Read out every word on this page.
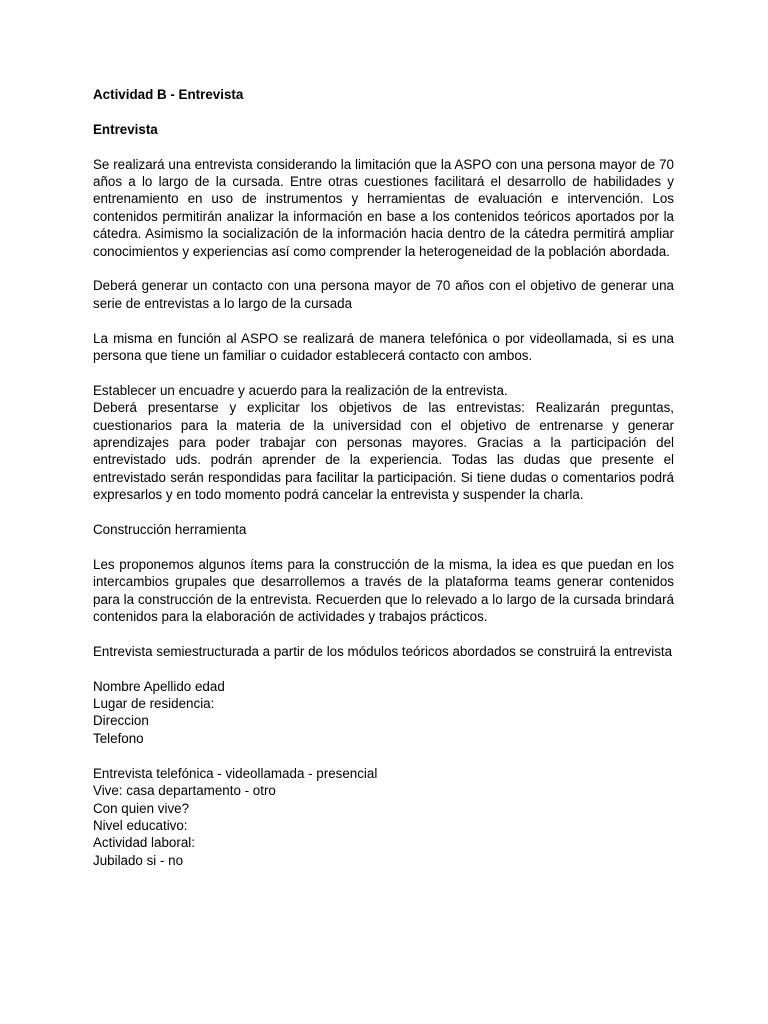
Actividad B - Entrevista

Entrevista

Se realizará una entrevista considerando la limitación que la ASPO con una persona mayor de 70 años a lo largo de la cursada. Entre otras cuestiones facilitará el desarrollo de habilidades y entrenamiento en uso de instrumentos y herramientas de evaluación e intervención. Los contenidos permitirán analizar la información en base a los contenidos teóricos aportados por la cátedra. Asimismo la socialización de la información hacia dentro de la cátedra permitirá ampliar conocimientos y experiencias así como comprender la heterogeneidad de la población abordada.

Deberá generar un contacto con una persona mayor de 70 años con el objetivo de generar una serie de entrevistas a lo largo de la cursada

La misma en función al ASPO se realizará de manera telefónica o por videollamada, si es una persona que tiene un familiar o cuidador establecerá contacto con ambos.

Establecer un encuadre y acuerdo para la realización de la entrevista.

Deberá presentarse y explicitar los objetivos de las entrevistas: Realizarán preguntas, cuestionarios para la materia de la universidad con el objetivo de entrenarse y generar aprendizajes para poder trabajar con personas mayores. Gracias a la participación del entrevistado uds. podrán aprender de la experiencia. Todas las dudas que presente el entrevistado serán respondidas para facilitar la participación. Si tiene dudas o comentarios podrá expresarlos y en todo momento podrá cancelar la entrevista y suspender la charla.

Construcción herramienta

Les proponemos algunos ítems para la construcción de la misma, la idea es que puedan en los intercambios grupales que desarrollemos a través de la plataforma teams generar contenidos para la construcción de la entrevista. Recuerden que lo relevado a lo largo de la cursada brindará contenidos para la elaboración de actividades y trabajos prácticos.

Entrevista semiestructurada a partir de los módulos teóricos abordados se construirá la entrevista

Nombre Apellido edad

Lugar de residencia:

Direccion

Telefono

Entrevista telefónica - videollamada - presencial

Vive: casa departamento - otro

Con quien vive?

Nivel educativo:

Actividad laboral:

Jubilado si - no
